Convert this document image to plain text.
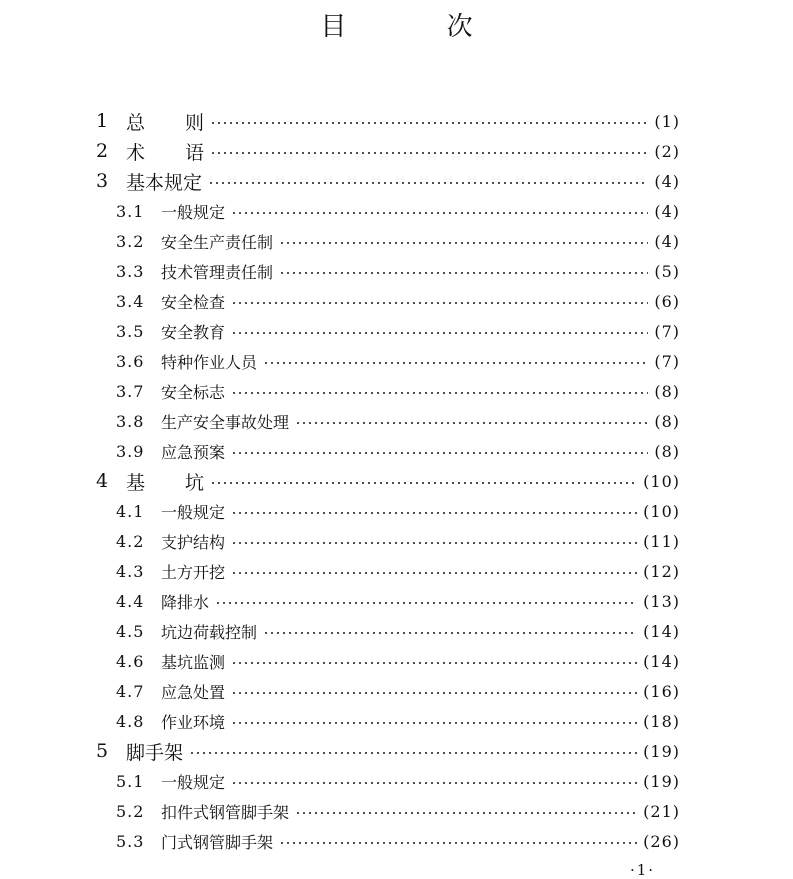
目 次
1 总 则	(1)
2 术 语	(2)
3 基本规定	(4)
3.1	一般规定	(4)
3.2	安全生产责任制	(4)
3.3	技术管理责任制	(5)
3.4	安全检查	(6)
3.5	安全教育	(7)
3.6	特种作业人员	(7)
3.7	安全标志	(8)
3.8	生产安全事故处理	(8)
3.9	应急预案	(8)
4 基 坑	(10)
4.1	一般规定	(10)
4.2	支护结构	(11)
4.3	土方开挖	(12)
4.4	降排水	(13)
4.5	坑边荷载控制	(14)
4.6	基坑监测	(14)
4.7	应急处置	(16)
4.8	作业环境	(18)
5 脚手架	(19)
5.1	一般规定	(19)
5.2	扣件式钢管脚手架	(21)
5.3	门式钢管脚手架	(26)
·1·
